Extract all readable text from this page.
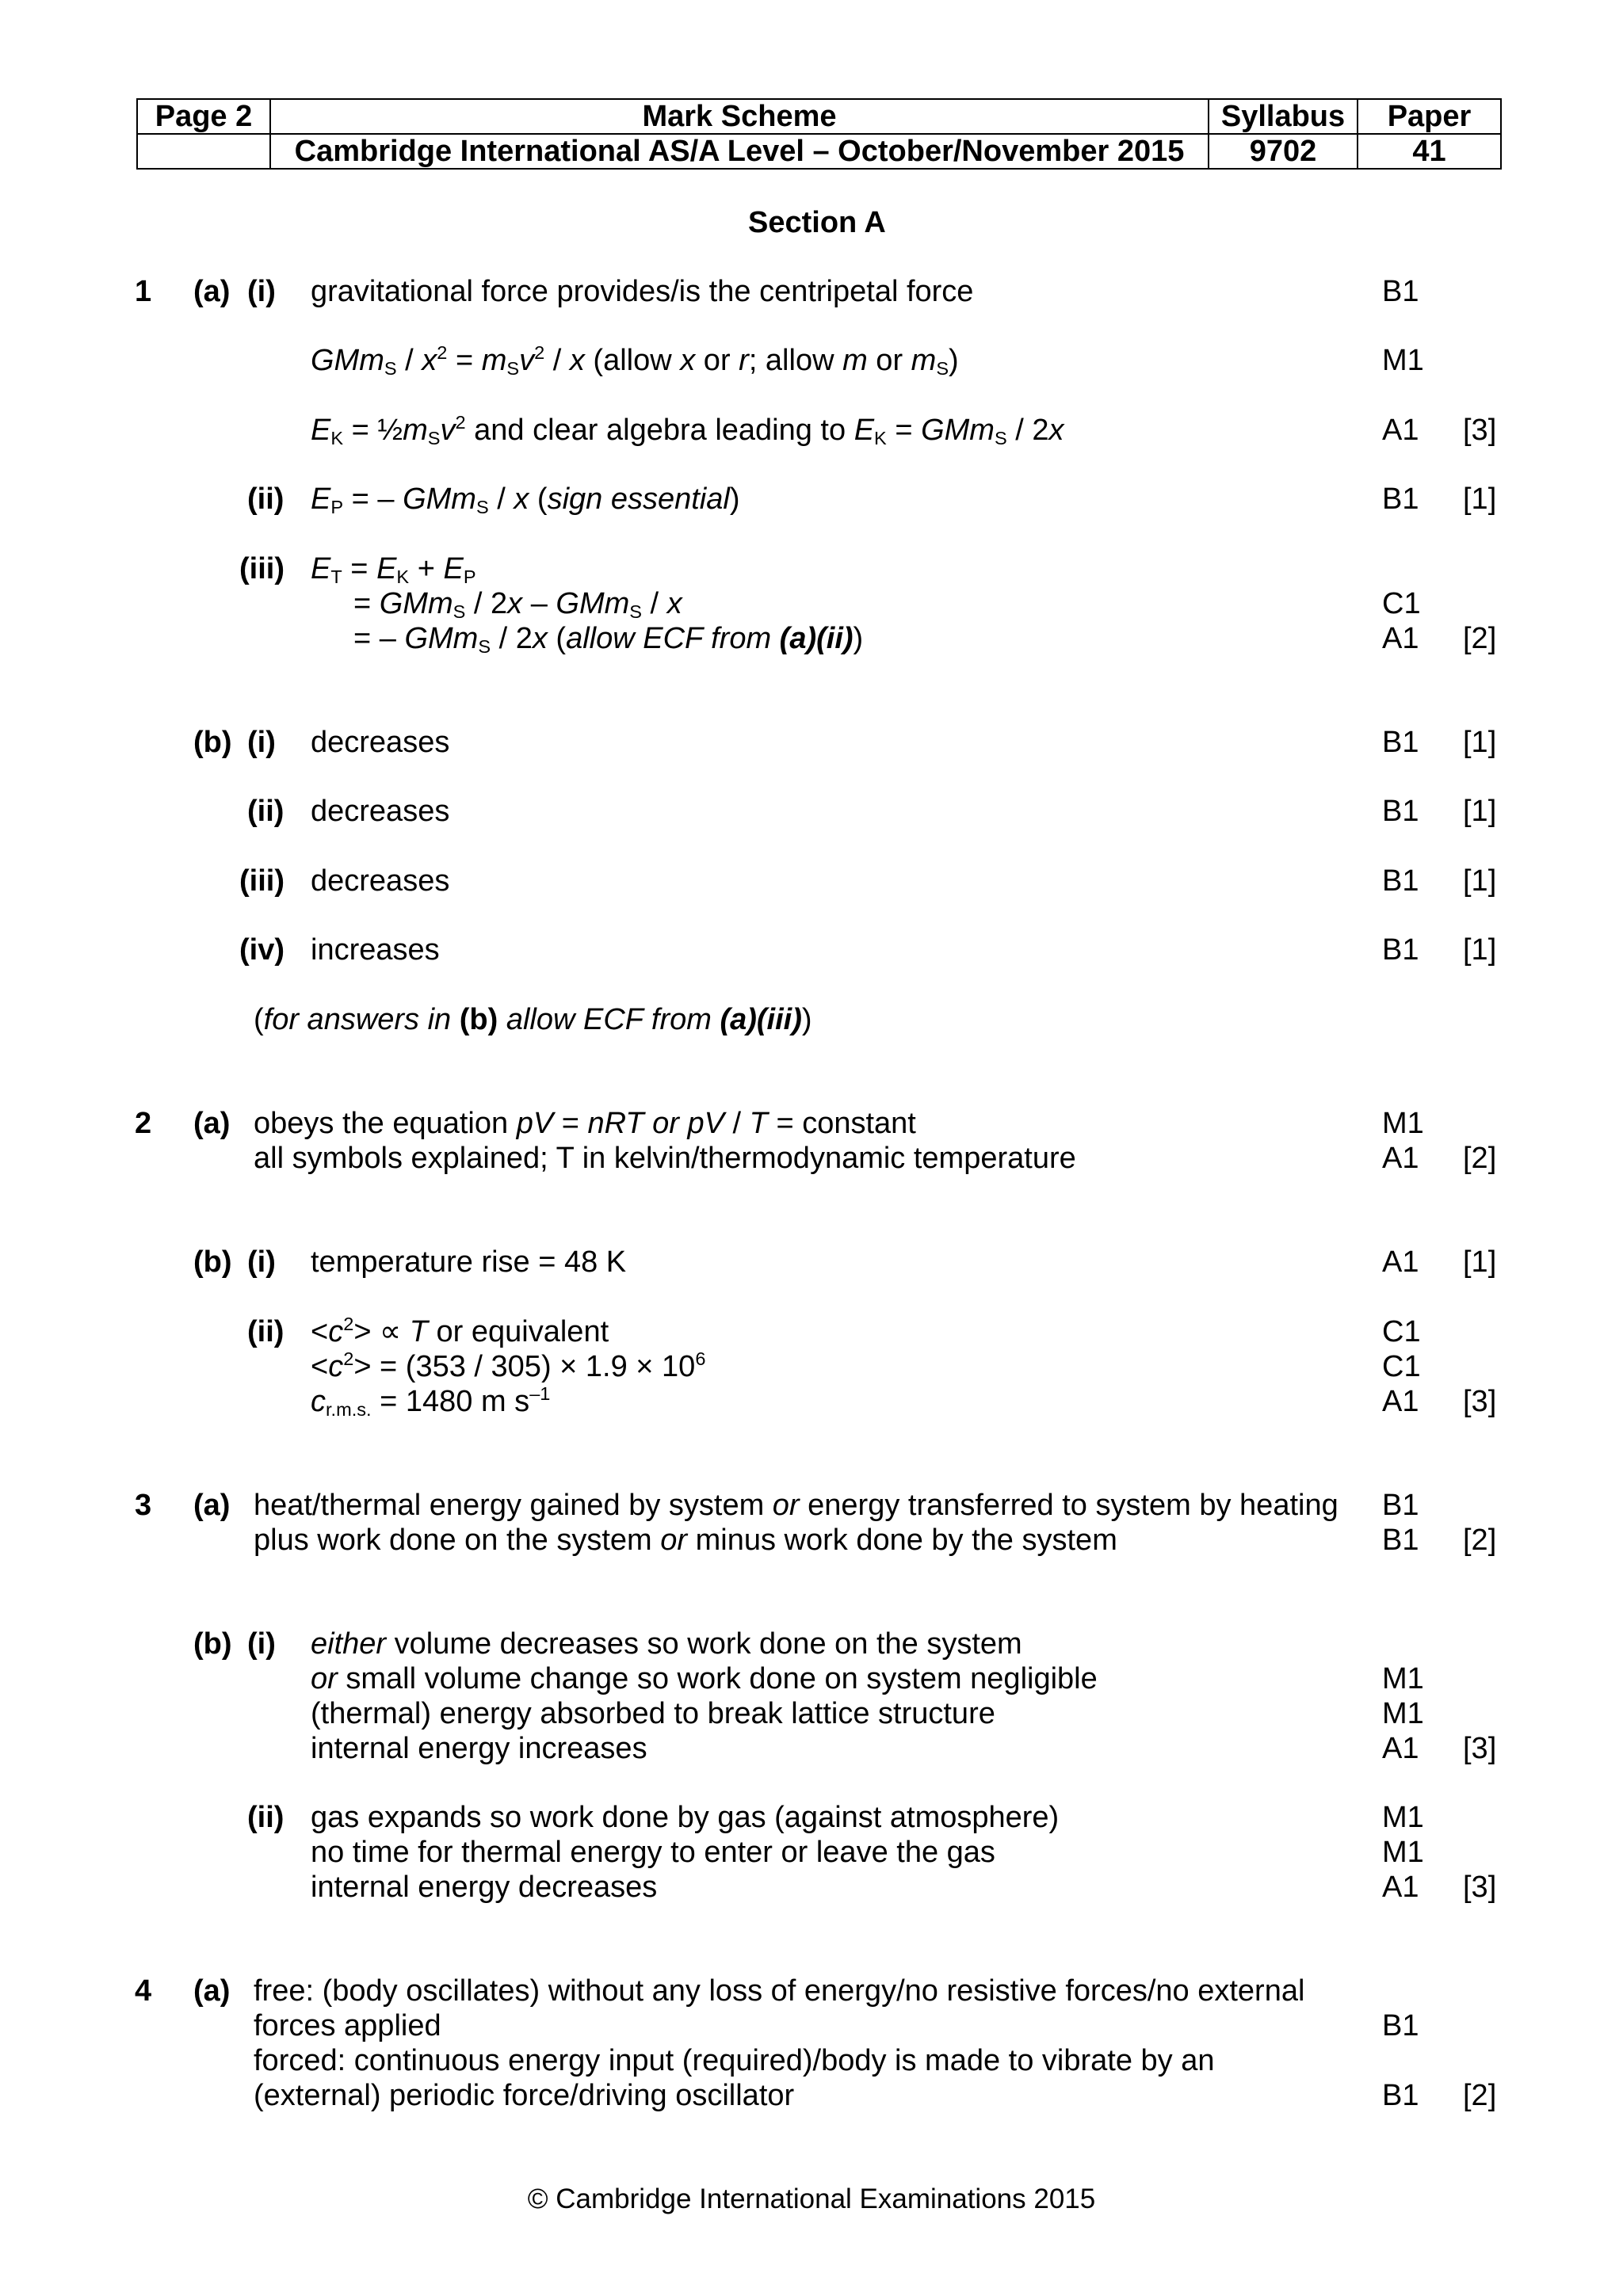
Page 2	Mark Scheme	Syllabus	Paper
	Cambridge International AS/A Level – October/November 2015	9702	41
Section A
1 (a) (i) gravitational force provides/is the centripetal force	B1
$GMm_S / x^2 = m_Sv^2 / x$ (allow x or r; allow m or $m_S$)	M1
$E_K$ = $\frac{1}{2}m_Sv^2$ and clear algebra leading to $E_K = GMm_S / 2x$	A1 [3]
(ii) $E_P$ = – GMm$_S$ / x (sign essential)	B1 [1]
(iii) $E_T = E_K + E_P$
= GMm$_S$ / 2x – GMm$_S$ / x	C1
= – GMm$_S$ / 2x (allow ECF from (a)(ii))	A1 [2]
(b) (i) decreases	B1 [1]
(ii) decreases	B1 [1]
(iii) decreases	B1 [1]
(iv) increases	B1 [1]
(for answers in (b) allow ECF from (a)(iii))
2 (a) obeys the equation pV = nRT or pV / T = constant	M1
all symbols explained; T in kelvin/thermodynamic temperature	A1 [2]
(b) (i) temperature rise = 48 K	A1 [1]
$(ii) <c^2> \propto T$ or equivalent	C1
$<c^2> = (353 / 305) \times 1.9 \times 10^6$	C1
$c_{r.m.s.} = 1480$ m $s^{-1}$	A1 [3]
3 (a) heat/thermal energy gained by system or energy transferred to system by heating B1
plus work done on the system or minus work done by the system	B1 [2]
(b) (i) either volume decreases so work done on the system
or small volume change so work done on system negligible	M1
(thermal) energy absorbed to break lattice structure	M1
internal energy increases	A1 [3]
(ii) gas expands so work done by gas (against atmosphere)	M1
no time for thermal energy to enter or leave the gas	M1
internal energy decreases	A1 [3]
4 (a) free: (body oscillates) without any loss of energy/no resistive forces/no external
forces applied	B1
forced: continuous energy input (required)/body is made to vibrate by an
(external) periodic force/driving oscillator	B1 [2]
© Cambridge International Examinations 2015
